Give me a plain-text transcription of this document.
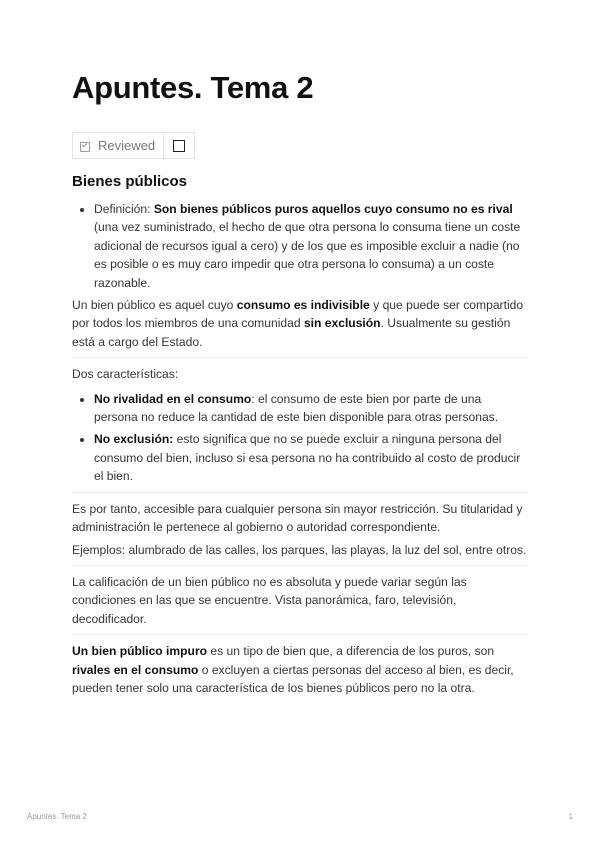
Apuntes. Tema 2
Reviewed
Bienes públicos
• Definición: Son bienes públicos puros aquellos cuyo consumo no es rival (una vez suministrado, el hecho de que otra persona lo consuma tiene un coste adicional de recursos igual a cero) y de los que es imposible excluir a nadie (no es posible o es muy caro impedir que otra persona lo consuma) a un coste razonable.

Un bien público es aquel cuyo consumo es indivisible y que puede ser compartido por todos los miembros de una comunidad sin exclusión. Usualmente su gestión está a cargo del Estado.

Dos características:

• No rivalidad en el consumo: el consumo de este bien por parte de una persona no reduce la cantidad de este bien disponible para otras personas.
• No exclusión: esto significa que no se puede excluir a ninguna persona del consumo del bien, incluso si esa persona no ha contribuido al costo de producir el bien.

Es por tanto, accesible para cualquier persona sin mayor restricción. Su titularidad y administración le pertenece al gobierno o autoridad correspondiente.

Ejemplos: alumbrado de las calles, los parques, las playas, la luz del sol, entre otros.

La calificación de un bien público no es absoluta y puede variar según las condiciones en las que se encuentre. Vista panorámica, faro, televisión, decodificador.

Un bien público impuro es un tipo de bien que, a diferencia de los puros, son rivales en el consumo o excluyen a ciertas personas del acceso al bien, es decir, pueden tener solo una característica de los bienes públicos pero no la otra.

Apuntes. Tema 2	1
